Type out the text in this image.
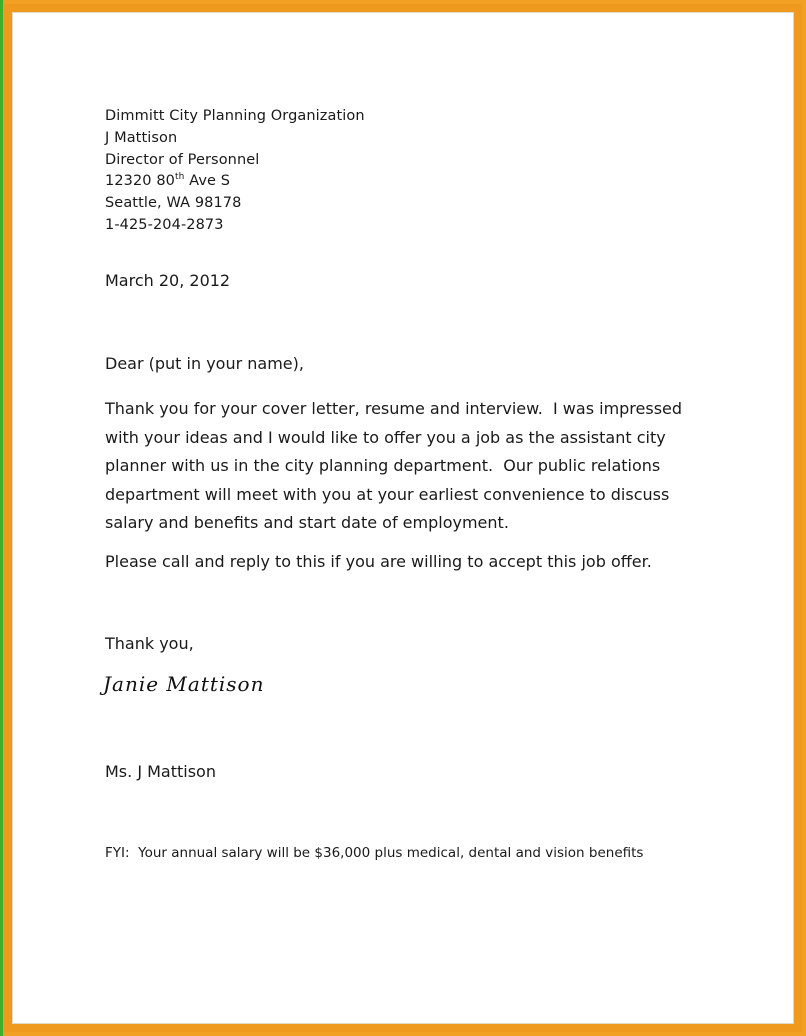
Dimmitt City Planning Organization
J Mattison
Director of Personnel
12320 80th Ave S
Seattle, WA 98178
1-425-204-2873
March 20, 2012
Dear (put in your name),
Thank you for your cover letter, resume and interview.  I was impressed
with your ideas and I would like to offer you a job as the assistant city
planner with us in the city planning department.  Our public relations
department will meet with you at your earliest convenience to discuss
salary and benefits and start date of employment.
Please call and reply to this if you are willing to accept this job offer.
Thank you,
Janie Mattison
Ms. J Mattison
FYI:  Your annual salary will be $36,000 plus medical, dental and vision benefits
